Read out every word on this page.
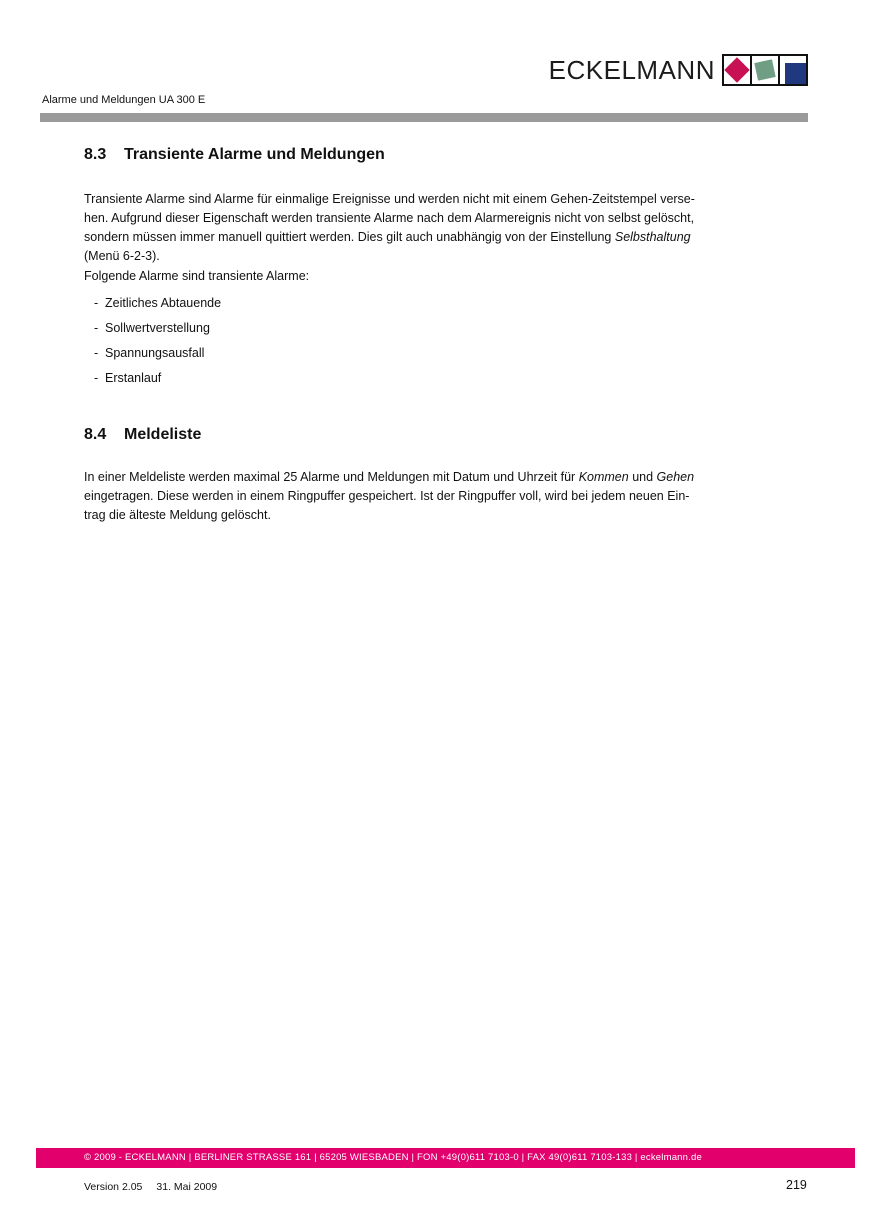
ECKELMANN
Alarme und Meldungen UA 300 E
8.3	Transiente Alarme und Meldungen
Transiente Alarme sind Alarme für einmalige Ereignisse und werden nicht mit einem Gehen-Zeitstempel verse-
hen. Aufgrund dieser Eigenschaft werden transiente Alarme nach dem Alarmereignis nicht von selbst gelöscht,
sondern müssen immer manuell quittiert werden. Dies gilt auch unabhängig von der Einstellung Selbsthaltung
(Menü 6-2-3).
Folgende Alarme sind transiente Alarme:
- Zeitliches Abtauende
- Sollwertverstellung
- Spannungsausfall
- Erstanlauf
8.4	Meldeliste
In einer Meldeliste werden maximal 25 Alarme und Meldungen mit Datum und Uhrzeit für Kommen und Gehen
eingetragen. Diese werden in einem Ringpuffer gespeichert. Ist der Ringpuffer voll, wird bei jedem neuen Ein-
trag die älteste Meldung gelöscht.
© 2009 - ECKELMANN | BERLINER STRASSE 161 | 65205 WIESBADEN | FON +49(0)611 7103-0 | FAX 49(0)611 7103-133 | eckelmann.de
Version 2.05 31. Mai 2009	219
